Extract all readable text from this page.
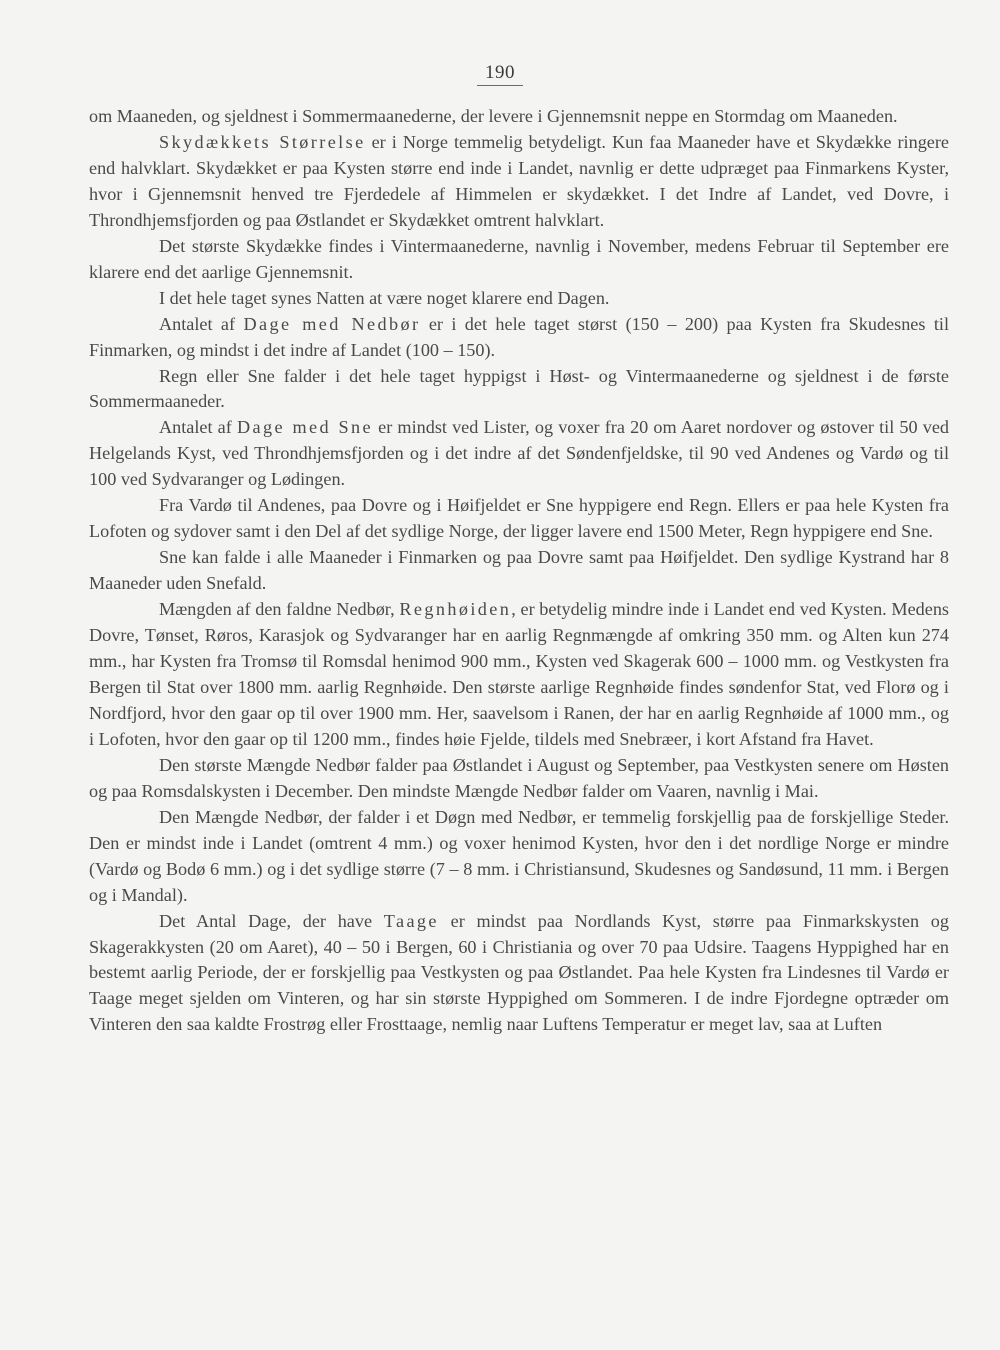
190

om Maaneden, og sjeldnest i Sommermaanederne, der levere i Gjennemsnit neppe en Stormdag om Maaneden.

Skydækkets Størrelse er i Norge temmelig betydeligt. Kun faa Maaneder have et Skydække ringere end halvklart. Skydækket er paa Kysten større end inde i Landet, navnlig er dette udpræget paa Finmarkens Kyster, hvor i Gjennemsnit henved tre Fjerdedele af Himmelen er skydækket. I det Indre af Landet, ved Dovre, i Throndhjemsfjorden og paa Østlandet er Skydækket omtrent halvklart.

Det største Skydække findes i Vintermaanederne, navnlig i November, medens Februar til September ere klarere end det aarlige Gjennemsnit.

I det hele taget synes Natten at være noget klarere end Dagen.

Antalet af Dage med Nedbør er i det hele taget størst (150 – 200) paa Kysten fra Skudesnes til Finmarken, og mindst i det indre af Landet (100 – 150).

Regn eller Sne falder i det hele taget hyppigst i Høst- og Vintermaanederne og sjeldnest i de første Sommermaaneder.

Antalet af Dage med Sne er mindst ved Lister, og voxer fra 20 om Aaret nordover og østover til 50 ved Helgelands Kyst, ved Throndhjemsfjorden og i det indre af det Søndenfjeldske, til 90 ved Andenes og Vardø og til 100 ved Sydvaranger og Lødingen.

Fra Vardø til Andenes, paa Dovre og i Høifjeldet er Sne hyppigere end Regn. Ellers er paa hele Kysten fra Lofoten og sydover samt i den Del af det sydlige Norge, der ligger lavere end 1500 Meter, Regn hyppigere end Sne.

Sne kan falde i alle Maaneder i Finmarken og paa Dovre samt paa Høifjeldet. Den sydlige Kystrand har 8 Maaneder uden Snefald.

Mængden af den faldne Nedbør, Regnhøiden, er betydelig mindre inde i Landet end ved Kysten. Medens Dovre, Tønset, Røros, Karasjok og Sydvaranger har en aarlig Regnmængde af omkring 350 mm. og Alten kun 274 mm., har Kysten fra Tromsø til Romsdal henimod 900 mm., Kysten ved Skagerak 600 – 1000 mm. og Vestkysten fra Bergen til Stat over 1800 mm. aarlig Regnhøide. Den største aarlige Regnhøide findes søndenfor Stat, ved Florø og i Nordfjord, hvor den gaar op til over 1900 mm. Her, saavelsom i Ranen, der har en aarlig Regnhøide af 1000 mm., og i Lofoten, hvor den gaar op til 1200 mm., findes høie Fjelde, tildels med Snebræer, i kort Afstand fra Havet.

Den største Mængde Nedbør falder paa Østlandet i August og September, paa Vestkysten senere om Høsten og paa Romsdalskysten i December. Den mindste Mængde Nedbør falder om Vaaren, navnlig i Mai.

Den Mængde Nedbør, der falder i et Døgn med Nedbør, er temmelig forskjellig paa de forskjellige Steder. Den er mindst inde i Landet (omtrent 4 mm.) og voxer henimod Kysten, hvor den i det nordlige Norge er mindre (Vardø og Bodø 6 mm.) og i det sydlige større (7 – 8 mm. i Christiansund, Skudesnes og Sandøsund, 11 mm. i Bergen og i Mandal).

Det Antal Dage, der have Taage er mindst paa Nordlands Kyst, større paa Finmarkskysten og Skagerakkysten (20 om Aaret), 40 – 50 i Bergen, 60 i Christiania og over 70 paa Udsire. Taagens Hyppighed har en bestemt aarlig Periode, der er forskjellig paa Vestkysten og paa Østlandet. Paa hele Kysten fra Lindesnes til Vardø er Taage meget sjelden om Vinteren, og har sin største Hyppighed om Sommeren. I de indre Fjordegne optræder om Vinteren den saa kaldte Frostrøg eller Frosttaage, nemlig naar Luftens Temperatur er meget lav, saa at Luften
